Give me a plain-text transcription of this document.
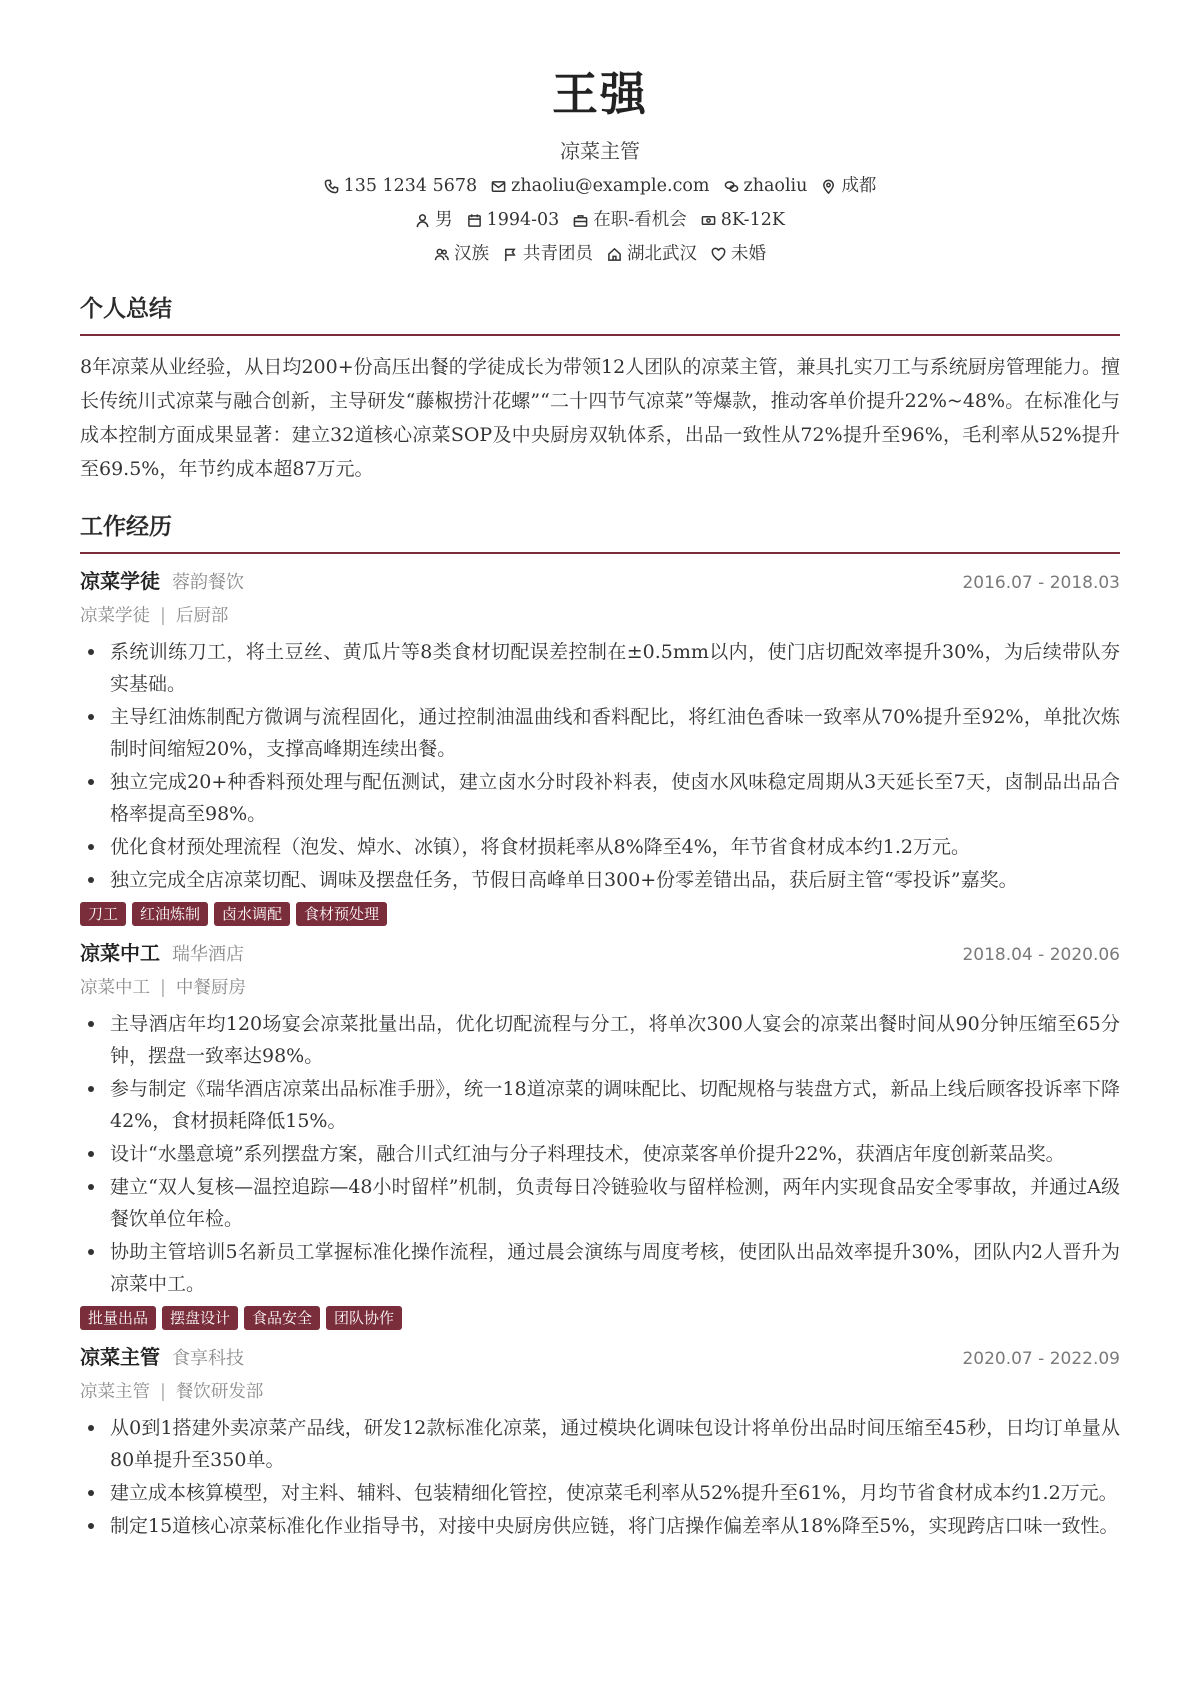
王强
凉菜主管
135 1234 5678 zhaoliu@example.com zhaoliu 成都
男 1994-03 在职-看机会 8K-12K
汉族 共青团员 湖北武汉 未婚
个人总结
8年凉菜从业经验，从日均200+份高压出餐的学徒成长为带领12人团队的凉菜主管，兼具扎实刀工与系统厨房管理能力。擅长传统川式凉菜与融合创新，主导研发“藤椒捞汁花螺”“二十四节气凉菜”等爆款，推动客单价提升22%~48%。在标准化与成本控制方面成果显著：建立32道核心凉菜SOP及中央厨房双轨体系，出品一致性从72%提升至96%，毛利率从52%提升至69.5%，年节约成本超87万元。
工作经历
凉菜学徒 蓉韵餐饮	2016.07 - 2018.03
凉菜学徒 | 后厨部
系统训练刀工，将土豆丝、黄瓜片等8类食材切配误差控制在±0.5mm以内，使门店切配效率提升30%，为后续带队夯实基础。
主导红油炼制配方微调与流程固化，通过控制油温曲线和香料配比，将红油色香味一致率从70%提升至92%，单批次炼制时间缩短20%，支撑高峰期连续出餐。
独立完成20+种香料预处理与配伍测试，建立卤水分时段补料表，使卤水风味稳定周期从3天延长至7天，卤制品出品合格率提高至98%。
优化食材预处理流程（泡发、焯水、冰镇），将食材损耗率从8%降至4%，年节省食材成本约1.2万元。
独立完成全店凉菜切配、调味及摆盘任务，节假日高峰单日300+份零差错出品，获后厨主管“零投诉”嘉奖。
刀工	红油炼制	卤水调配	食材预处理
凉菜中工 瑞华酒店	2018.04 - 2020.06
凉菜中工 | 中餐厨房
主导酒店年均120场宴会凉菜批量出品，优化切配流程与分工，将单次300人宴会的凉菜出餐时间从90分钟压缩至65分钟，摆盘一致率达98%。
参与制定《瑞华酒店凉菜出品标准手册》，统一18道凉菜的调味配比、切配规格与装盘方式，新品上线后顾客投诉率下降42%，食材损耗降低15%。
设计“水墨意境”系列摆盘方案，融合川式红油与分子料理技术，使凉菜客单价提升22%，获酒店年度创新菜品奖。
建立“双人复核—温控追踪—48小时留样”机制，负责每日冷链验收与留样检测，两年内实现食品安全零事故，并通过A级餐饮单位年检。
协助主管培训5名新员工掌握标准化操作流程，通过晨会演练与周度考核，使团队出品效率提升30%，团队内2人晋升为凉菜中工。
批量出品	摆盘设计	食品安全	团队协作
凉菜主管 食享科技	2020.07 - 2022.09
凉菜主管 | 餐饮研发部
从0到1搭建外卖凉菜产品线，研发12款标准化凉菜，通过模块化调味包设计将单份出品时间压缩至45秒，日均订单量从80单提升至350单。
建立成本核算模型，对主料、辅料、包装精细化管控，使凉菜毛利率从52%提升至61%，月均节省食材成本约1.2万元。
制定15道核心凉菜标准化作业指导书，对接中央厨房供应链，将门店操作偏差率从18%降至5%，实现跨店口味一致性。
